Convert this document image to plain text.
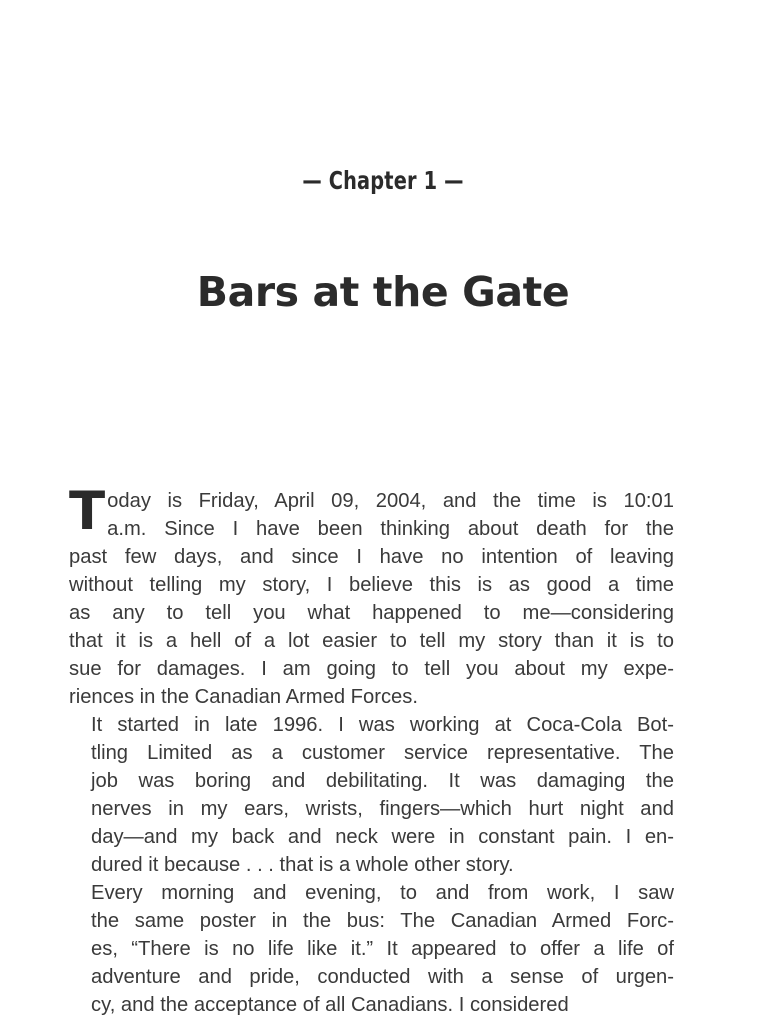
— Chapter 1 —
Bars at the Gate

T oday is Friday, April 09, 2004, and the time is 10:01
a.m. Since I have been thinking about death for the
past few days, and since I have no intention of leaving
without telling my story, I believe this is as good a time
as any to tell you what happened to me—considering
that it is a hell of a lot easier to tell my story than it is to
sue for damages. I am going to tell you about my expe-
riences in the Canadian Armed Forces.

It started in late 1996. I was working at Coca-Cola Bot-
tling Limited as a customer service representative. The
job was boring and debilitating. It was damaging the
nerves in my ears, wrists, fingers—which hurt night and
day—and my back and neck were in constant pain. I en-
dured it because . . . that is a whole other story.

Every morning and evening, to and from work, I saw
the same poster in the bus: The Canadian Armed Forc-
es, “There is no life like it.” It appeared to offer a life of
adventure and pride, conducted with a sense of urgen-
cy, and the acceptance of all Canadians. I considered
